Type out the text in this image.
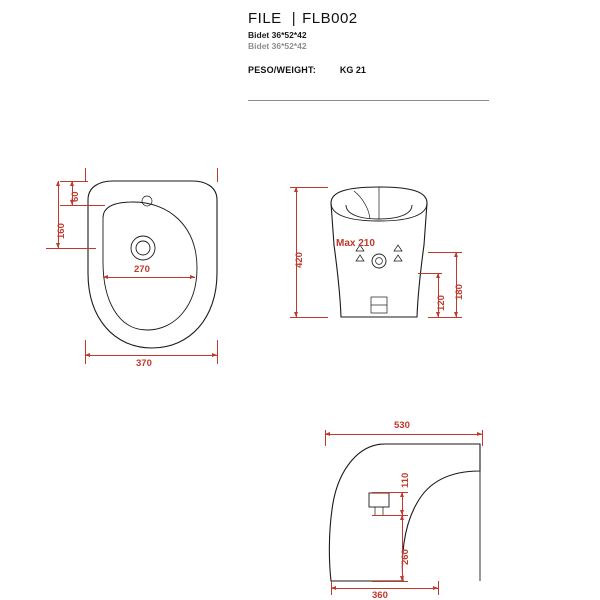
FILE | FLB002
Bidet 36*52*42
Bidet 36*52*42
PESO/WEIGHT:	KG 21
370
270
60
160
Max 210
420
180
120
530
110
260
360
